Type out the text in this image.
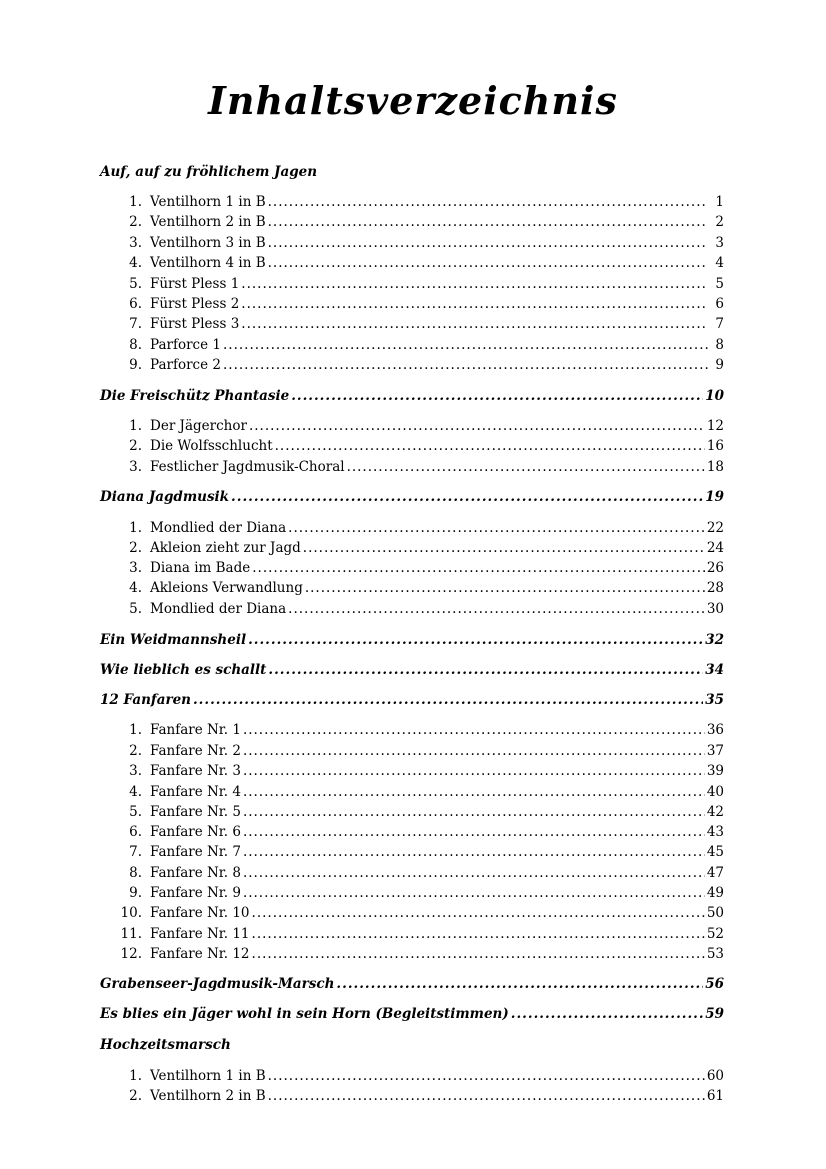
Inhaltsverzeichnis
Auf, auf zu fröhlichem Jagen
1. Ventilhorn 1 in B .....	1
2. Ventilhorn 2 in B .....	2
3. Ventilhorn 3 in B .....	3
4. Ventilhorn 4 in B .....	4
5. Fürst Pless 1 .....	5
6. Fürst Pless 2 .....	6
7. Fürst Pless 3 .....	7
8. Parforce 1 .....	8
9. Parforce 2 .....	9
Die Freischütz Phantasie .....	10
1. Der Jägerchor .....	12
2. Die Wolfsschlucht .....	16
3. Festlicher Jagdmusik-Choral .....	18
Diana Jagdmusik .....	19
1. Mondlied der Diana .....	22
2. Akleion zieht zur Jagd .....	24
3. Diana im Bade .....	26
4. Akleions Verwandlung .....	28
5. Mondlied der Diana .....	30
Ein Weidmannsheil .....	32
Wie lieblich es schallt .....	34
12 Fanfaren .....	35
1. Fanfare Nr. 1 .....	36
2. Fanfare Nr. 2 .....	37
3. Fanfare Nr. 3 .....	39
4. Fanfare Nr. 4 .....	40
5. Fanfare Nr. 5 .....	42
6. Fanfare Nr. 6 .....	43
7. Fanfare Nr. 7 .....	45
8. Fanfare Nr. 8 .....	47
9. Fanfare Nr. 9 .....	49
10. Fanfare Nr. 10 .....	50
11. Fanfare Nr. 11 .....	52
12. Fanfare Nr. 12 .....	53
Grabenseer-Jagdmusik-Marsch .....	56
Es blies ein Jäger wohl in sein Horn (Begleitstimmen) .....	59
Hochzeitsmarsch
1. Ventilhorn 1 in B .....	60
2. Ventilhorn 2 in B .....	61
